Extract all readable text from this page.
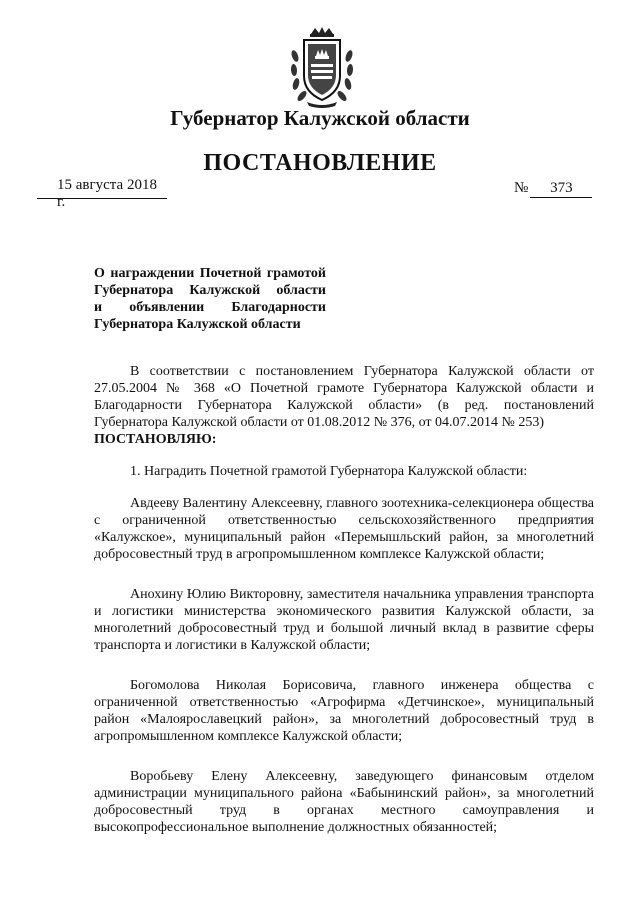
Губернатор Калужской области
ПОСТАНОВЛЕНИЕ
15 августа 2018 г.
№ 373
О награждении Почетной грамотой
Губернатора Калужской области
и объявлении Благодарности
Губернатора Калужской области

В соответствии с постановлением Губернатора Калужской области от 27.05.2004 № 368 «О Почетной грамоте Губернатора Калужской области и Благодарности Губернатора Калужской области» (в ред. постановлений Губернатора Калужской области от 01.08.2012 № 376, от 04.07.2014 № 253)

ПОСТАНОВЛЯЮ:

1. Наградить Почетной грамотой Губернатора Калужской области:

Авдееву Валентину Алексеевну, главного зоотехника-селекционера общества с ограниченной ответственностью сельскохозяйственного предприятия «Калужское», муниципальный район «Перемышльский район, за многолетний добросовестный труд в агропромышленном комплексе Калужской области;

Анохину Юлию Викторовну, заместителя начальника управления транспорта и логистики министерства экономического развития Калужской области, за многолетний добросовестный труд и большой личный вклад в развитие сферы транспорта и логистики в Калужской области;

Богомолова Николая Борисовича, главного инженера общества с ограниченной ответственностью «Агрофирма «Детчинское», муниципальный район «Малоярославецкий район», за многолетний добросовестный труд в агропромышленном комплексе Калужской области;

Воробьеву Елену Алексеевну, заведующего финансовым отделом администрации муниципального района «Бабынинский район», за многолетний добросовестный труд в органах местного самоуправления и высокопрофессиональное выполнение должностных обязанностей;
